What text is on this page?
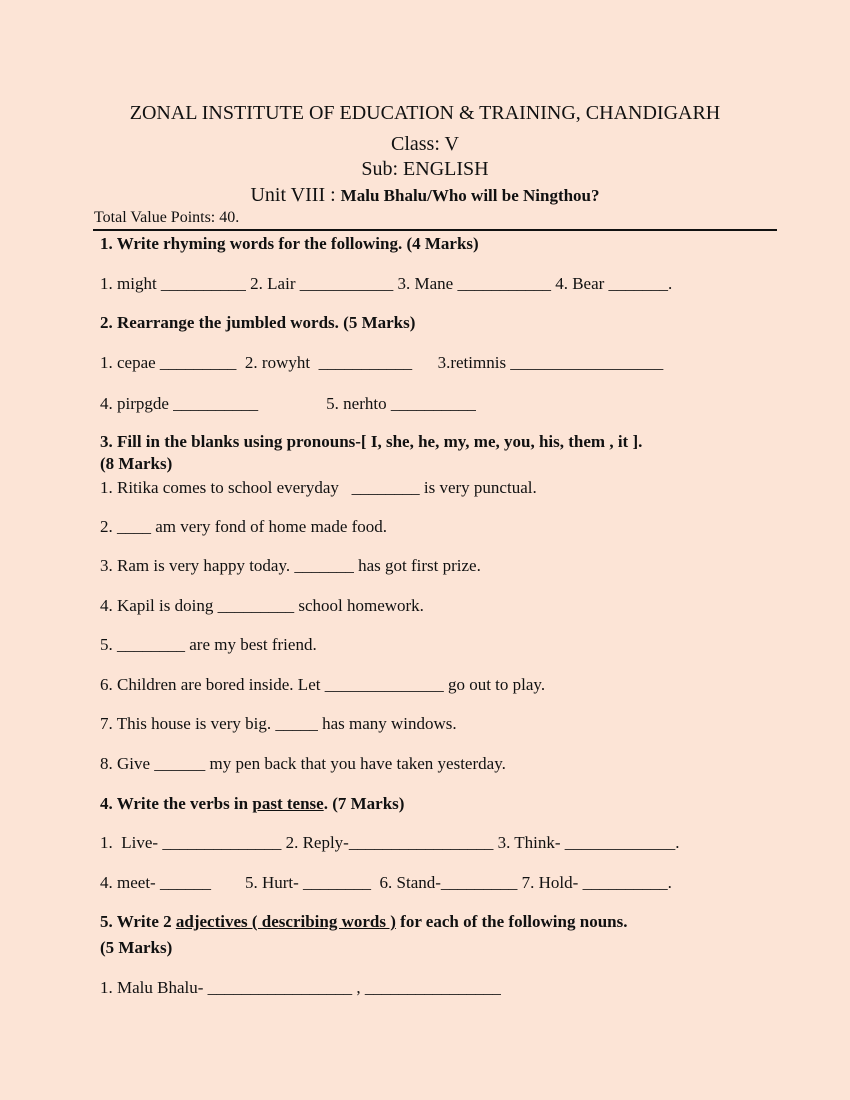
ZONAL INSTITUTE OF EDUCATION & TRAINING, CHANDIGARH
Class: V
Sub: ENGLISH
Unit VIII : Malu Bhalu/Who will be Ningthou?
Total Value Points: 40.
1. Write rhyming words for the following. (4 Marks)
1. might __________ 2. Lair ___________ 3. Mane ___________ 4. Bear _______.
2. Rearrange the jumbled words. (5 Marks)
1. cepae _________  2. rowyht  ___________      3.retimnis __________________
4. pirpgde __________                5. nerhto __________
3. Fill in the blanks using pronouns-[ I, she, he, my, me, you, his, them , it ].
(8 Marks)
1. Ritika comes to school everyday   ________ is very punctual.
2. ____ am very fond of home made food.
3. Ram is very happy today. _______ has got first prize.
4. Kapil is doing _________ school homework.
5. ________ are my best friend.
6. Children are bored inside. Let ______________ go out to play.
7. This house is very big. _____ has many windows.
8. Give ______ my pen back that you have taken yesterday.
4. Write the verbs in past tense. (7 Marks)
1.  Live- ______________ 2. Reply-_________________ 3. Think- _____________.
4. meet- ______        5. Hurt- ________  6. Stand-_________ 7. Hold- __________.
5. Write 2 adjectives ( describing words ) for each of the following nouns.
(5 Marks)
1. Malu Bhalu- _________________ , ________________
